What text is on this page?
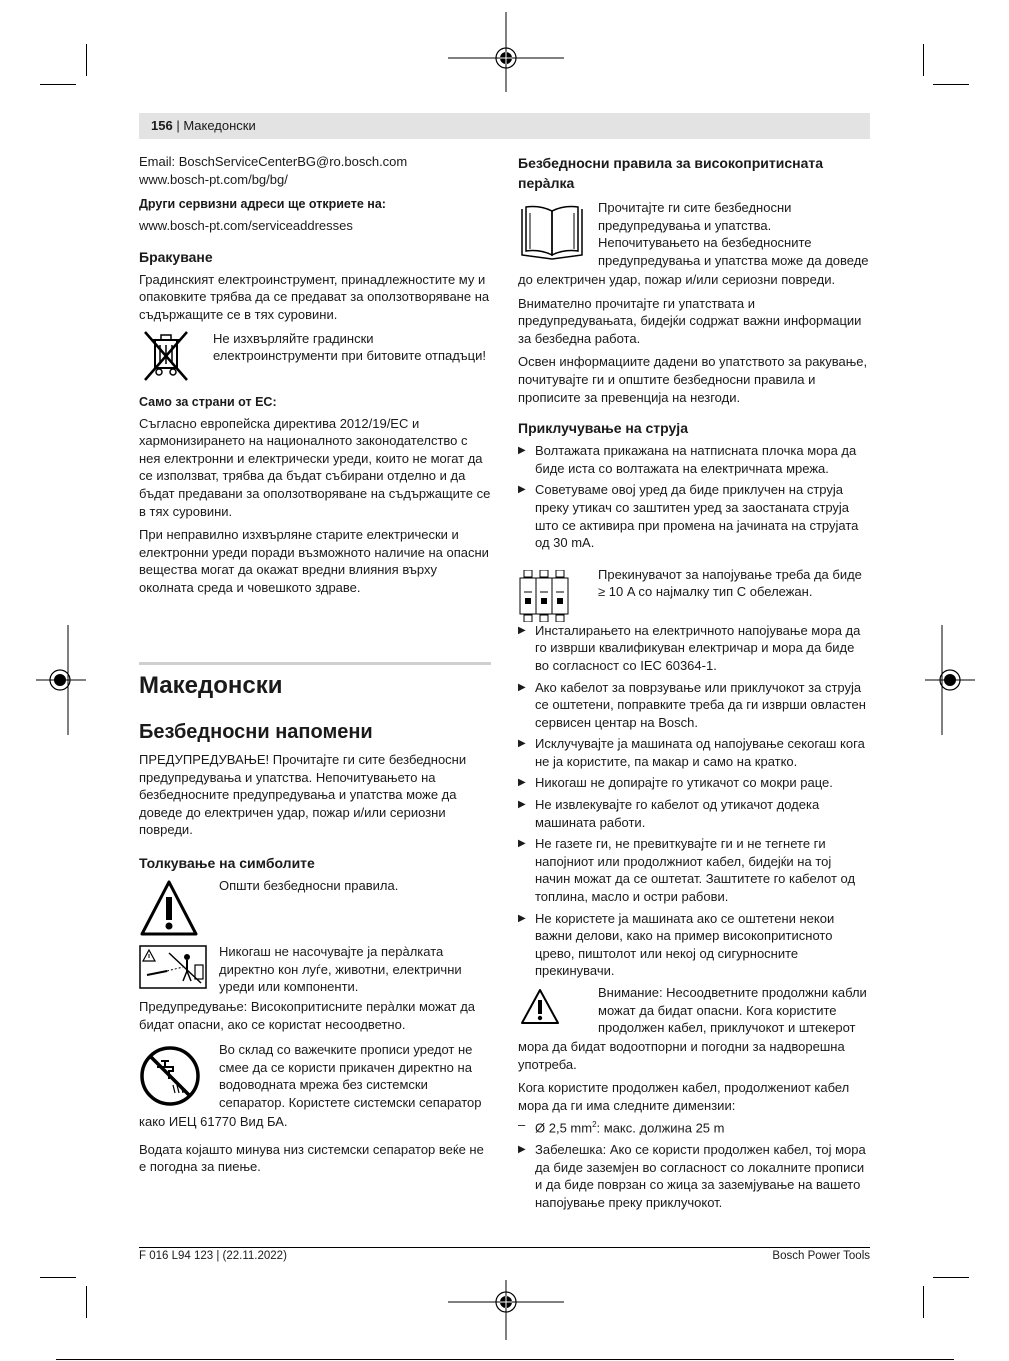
156 | Македонски
Email: BoschServiceCenterBG@ro.bosch.com
www.bosch-pt.com/bg/bg/
Други сервизни адреси ще откриете на:
www.bosch-pt.com/serviceaddresses
Бракуване

Градинският електроинструмент, принадлежностите му и опаковките трябва да се предават за оползотворяване на съдържащите се в тях суровини.

Не изхвърляйте градински електроинструменти при битовите отпадъци!
Само за страни от ЕС:

Съгласно европейска директива 2012/19/EC и хармонизирането на националното законодателство с нея електронни и електрически уреди, които не могат да се използват, трябва да бъдат събирани отделно и да бъдат предавани за оползотворяване на съдържащите се в тях суровини.

При неправилно изхвърляне старите електрически и електронни уреди поради възможното наличие на опасни вещества могат да окажат вредни влияния върху околната среда и човешкото здраве.

Македонски
Безбедносни напомени

ПРЕДУПРЕДУВАЊЕ! Прочитајте ги сите безбедносни предупредувања и упатства. Непочитувањето на безбедносните предупредувања и упатства може да доведе до електричен удар, пожар и/или сериозни повреди.

Толкување на симболите
Општи безбедносни правила.
Никогаш не насочувајте ја перàлката директно кон луѓе, животни, електрични уреди или компоненти.

Предупредување: Високопритисните перàлки можат да бидат опасни, ако се користат несоодветно.

Во склад со важечките прописи уредот не смее да се користи прикачен директно на водоводната мрежа без системски сепаратор. Користете системски сепаратор

како ИЕЦ 61770 Вид БА.

Водата којашто минува низ системски сепаратор веќе не е погодна за пиење.

Безбедносни правила за високопритисната перàлка
Прочитајте ги сите безбедносни предупредувања и упатства. Непочитувањето на безбедносните предупредувања и упатства може да доведе

до електричен удар, пожар и/или сериозни повреди.

Внимателно прочитајте ги упатствата и предупредувањата, бидејќи содржат важни информации за безбедна работа.

Освен информациите дадени во упатството за ракување, почитувајте ги и општите безбедносни правила и прописите за превенција на незгоди.

Приклучување на струја
▶ Волтажата прикажана на натписната плочка мора да биде иста со волтажата на електричната мрежа.
▶ Советуваме овој уред да биде приклучен на струја преку утикач со заштитен уред за заостаната струја што се активира при промена на јачината на струјата од 30 mA.
Прекинувачот за напојување треба да биде ≥ 10 A со најмалку тип C обележан.
▶ Инсталирањето на електричното напојување мора да го изврши квалификуван електричар и мора да биде во согласност со IEC 60364-1.
▶ Ако кабелот за поврзување или приклучокот за струја се оштетени, поправките треба да ги изврши овластен сервисен центар на Bosch.
▶ Исклучувајте ја машината од напојување секогаш кога не ја користите, па макар и само на кратко.
▶ Никогаш не допирајте го утикачот со мокри раце.
▶ Не извлекувајте го кабелот од утикачот додека машината работи.
▶ Не газете ги, не превиткувајте ги и не тегнете ги напојниот или продолжниот кабел, бидејќи на тој начин можат да се оштетат. Заштитете го кабелот од топлина, масло и остри рабови.
▶ Не користете ја машината ако се оштетени некои важни делови, како на пример високопритисното црево, пиштолот или некој од сигурносните прекинувачи.
Внимание: Несоодветните продолжни кабли можат да бидат опасни. Кога користите продолжен кабел, приклучокот и штекерот

мора да бидат водоотпорни и погодни за надворешна употреба.

Кога користите продолжен кабел, продолжениот кабел мора да ги има следните димензии:

– Ø 2,5 $mm^2$: макс. должина 25 m
▶ Забелешка: Ако се користи продолжен кабел, тој мора да биде заземјен во согласност со локалните прописи и да биде поврзан со жица за заземјување на вашето напојување преку приклучокот.
F 016 L94 123 | (22.11.2022)	Bosch Power Tools
